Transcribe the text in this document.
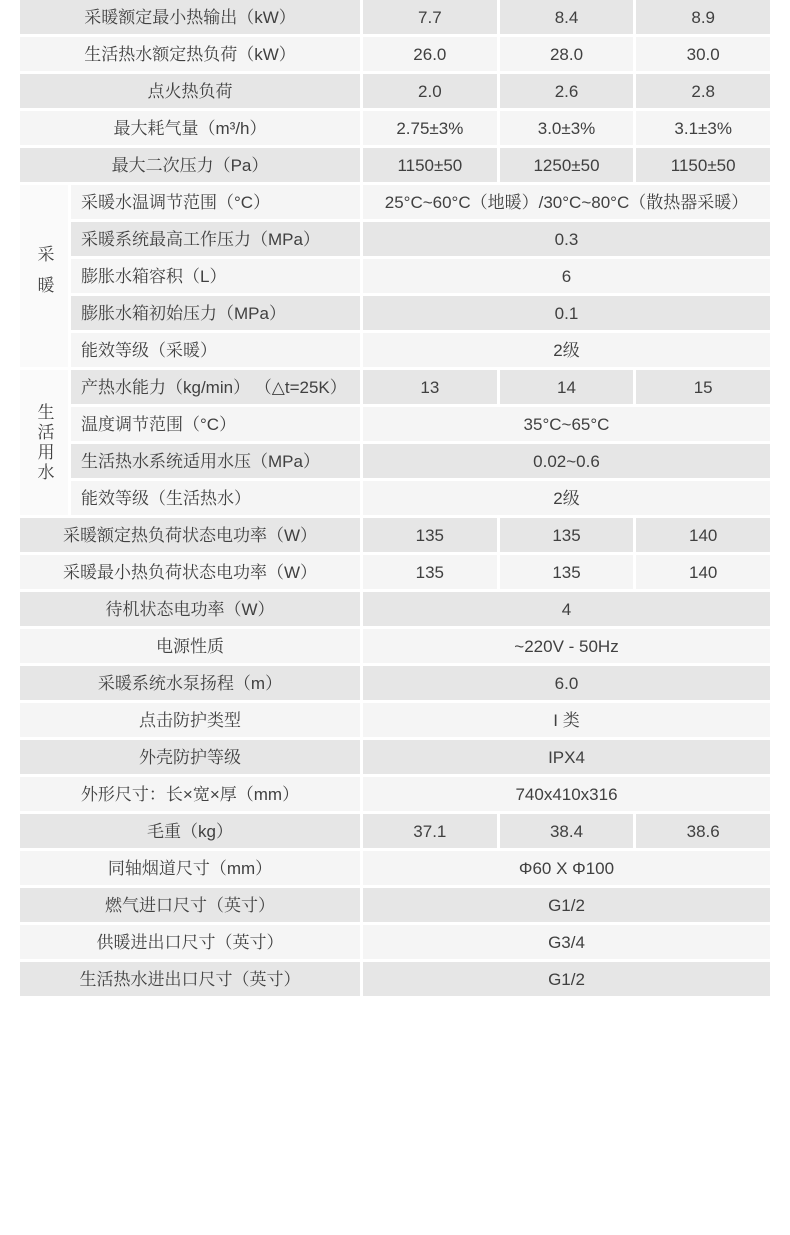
采暖额定最小热输出（kW）	7.7	8.4	8.9
生活热水额定热负荷（kW）	26.0	28.0	30.0
点火热负荷	2.0	2.6	2.8
最大耗气量（m³/h）	2.75±3%	3.0±3%	3.1±3%
最大二次压力（Pa）	1150±50	1250±50	1150±50
采暖
采暖水温调节范围（°C）	25°C~60°C（地暖）/30°C~80°C（散热器采暖）
采暖系统最高工作压力（MPa）	0.3
膨胀水箱容积（L）	6
膨胀水箱初始压力（MPa）	0.1
能效等级（采暖）	2级
生活用水
产热水能力（kg/min） （△t=25K）	13	14	15
温度调节范围（°C）	35°C~65°C
生活热水系统适用水压（MPa）	0.02~0.6
能效等级（生活热水）	2级
采暖额定热负荷状态电功率（W）	135	135	140
采暖最小热负荷状态电功率（W）	135	135	140
待机状态电功率（W）	4
电源性质	~220V - 50Hz
采暖系统水泵扬程（m）	6.0
点击防护类型	I 类
外壳防护等级	IPX4
外形尺寸：长×宽×厚（mm）	740x410x316
毛重（kg）	37.1	38.4	38.6
同轴烟道尺寸（mm）	Φ60 X Φ100
燃气进口尺寸（英寸）	G1/2
供暖进出口尺寸（英寸）	G3/4
生活热水进出口尺寸（英寸）	G1/2
